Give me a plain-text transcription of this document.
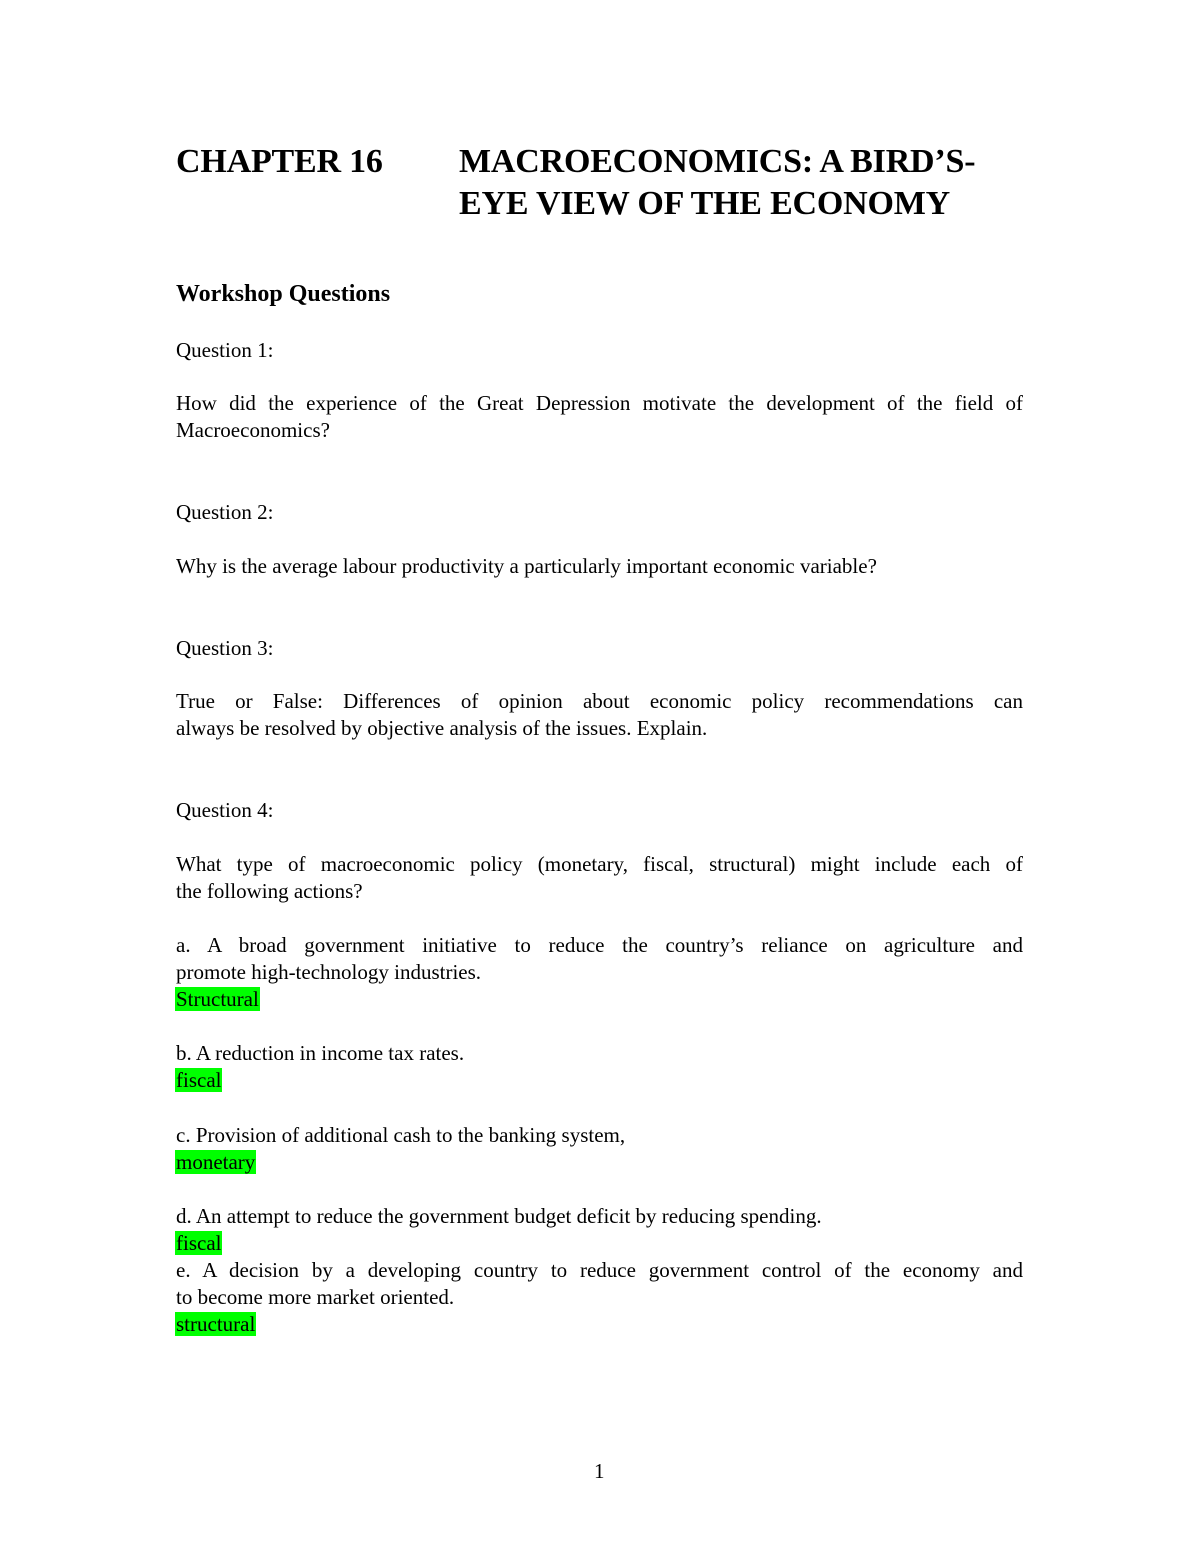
CHAPTER 16 MACROECONOMICS: A BIRD’S-
EYE VIEW OF THE ECONOMY
Workshop Questions
Question 1:
How did the experience of the Great Depression motivate the development of the field of
Macroeconomics?
Question 2:
Why is the average labour productivity a particularly important economic variable?
Question 3:
True or False: Differences of opinion about economic policy recommendations can
always be resolved by objective analysis of the issues. Explain.
Question 4:
What type of macroeconomic policy (monetary, fiscal, structural) might include each of
the following actions?
a. A broad government initiative to reduce the country’s reliance on agriculture and
promote high-technology industries.
Structural
b. A reduction in income tax rates.
fiscal
c. Provision of additional cash to the banking system,
monetary
d. An attempt to reduce the government budget deficit by reducing spending.
fiscal
e. A decision by a developing country to reduce government control of the economy and
to become more market oriented.
structural
1
